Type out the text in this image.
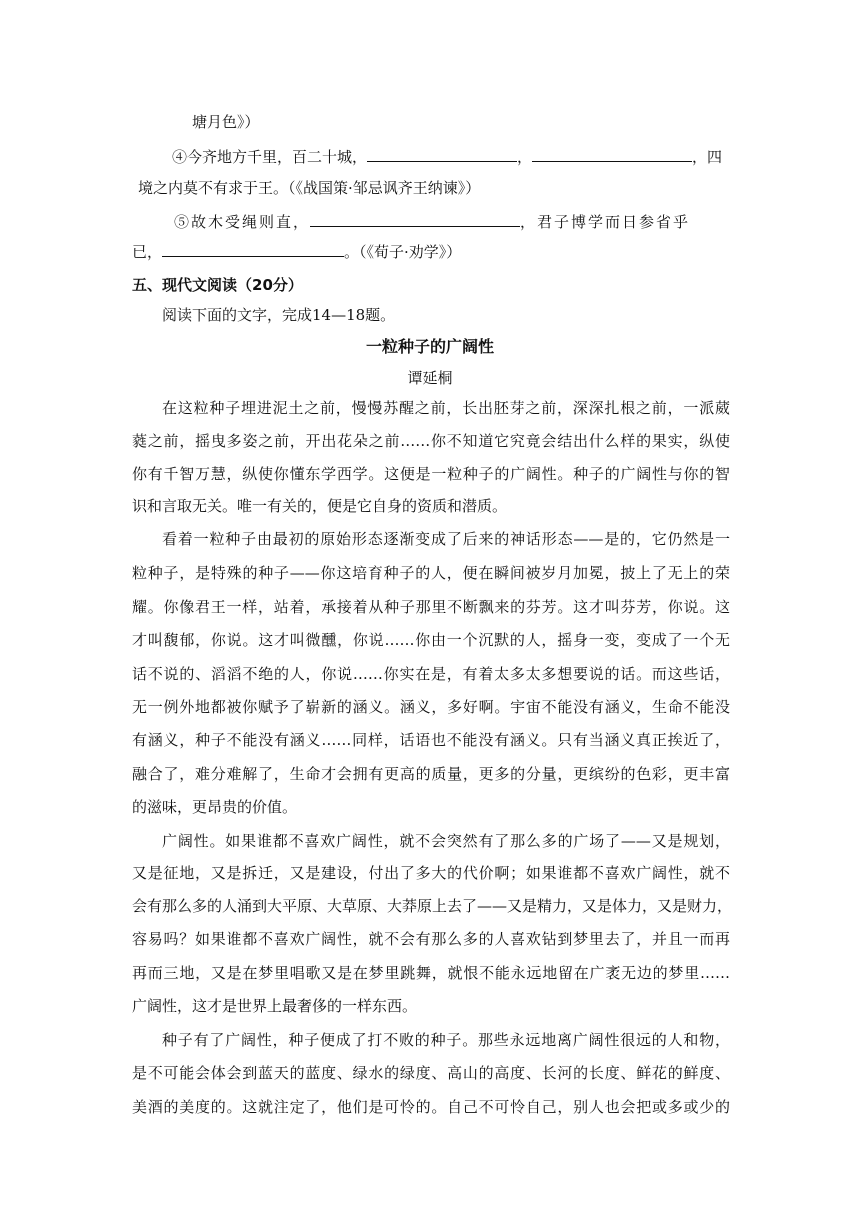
塘月色》）
④今齐地方千里，百二十城，	，	，四
境之内莫不有求于王。（《战国策·邹忌讽齐王纳谏》）
⑤故木受绳则直，	，君子博学而日参省乎
已，	。（《荀子·劝学》）
五、现代文阅读（20分）
阅读下面的文字，完成14—18题。
一粒种子的广阔性
谭延桐
在这粒种子埋进泥土之前，慢慢苏醒之前，长出胚芽之前，深深扎根之前，一派葳
蕤之前，摇曳多姿之前，开出花朵之前……你不知道它究竟会结出什么样的果实，纵使
你有千智万慧，纵使你懂东学西学。这便是一粒种子的广阔性。种子的广阔性与你的智
识和言取无关。唯一有关的，便是它自身的资质和潜质。
看着一粒种子由最初的原始形态逐渐变成了后来的神话形态——是的，它仍然是一
粒种子，是特殊的种子——你这培育种子的人，便在瞬间被岁月加冕，披上了无上的荣
耀。你像君王一样，站着，承接着从种子那里不断飘来的芬芳。这才叫芬芳，你说。这
才叫馥郁，你说。这才叫微醺，你说……你由一个沉默的人，摇身一变，变成了一个无
话不说的、滔滔不绝的人，你说……你实在是，有着太多太多想要说的话。而这些话，
无一例外地都被你赋予了崭新的涵义。涵义，多好啊。宇宙不能没有涵义，生命不能没
有涵义，种子不能没有涵义……同样，话语也不能没有涵义。只有当涵义真正挨近了，
融合了，难分难解了，生命才会拥有更高的质量，更多的分量，更缤纷的色彩，更丰富
的滋味，更昂贵的价值。
广阔性。如果谁都不喜欢广阔性，就不会突然有了那么多的广场了——又是规划，
又是征地，又是拆迁，又是建设，付出了多大的代价啊；如果谁都不喜欢广阔性，就不
会有那么多的人涌到大平原、大草原、大莽原上去了——又是精力，又是体力，又是财力，
容易吗？如果谁都不喜欢广阔性，就不会有那么多的人喜欢钻到梦里去了，并且一而再
再而三地，又是在梦里唱歌又是在梦里跳舞，就恨不能永远地留在广袤无边的梦里……
广阔性，这才是世界上最奢侈的一样东西。
种子有了广阔性，种子便成了打不败的种子。那些永远地离广阔性很远的人和物，
是不可能会体会到蓝天的蓝度、绿水的绿度、高山的高度、长河的长度、鲜花的鲜度、
美酒的美度的。这就注定了，他们是可怜的。自己不可怜自己，别人也会把或多或少的
